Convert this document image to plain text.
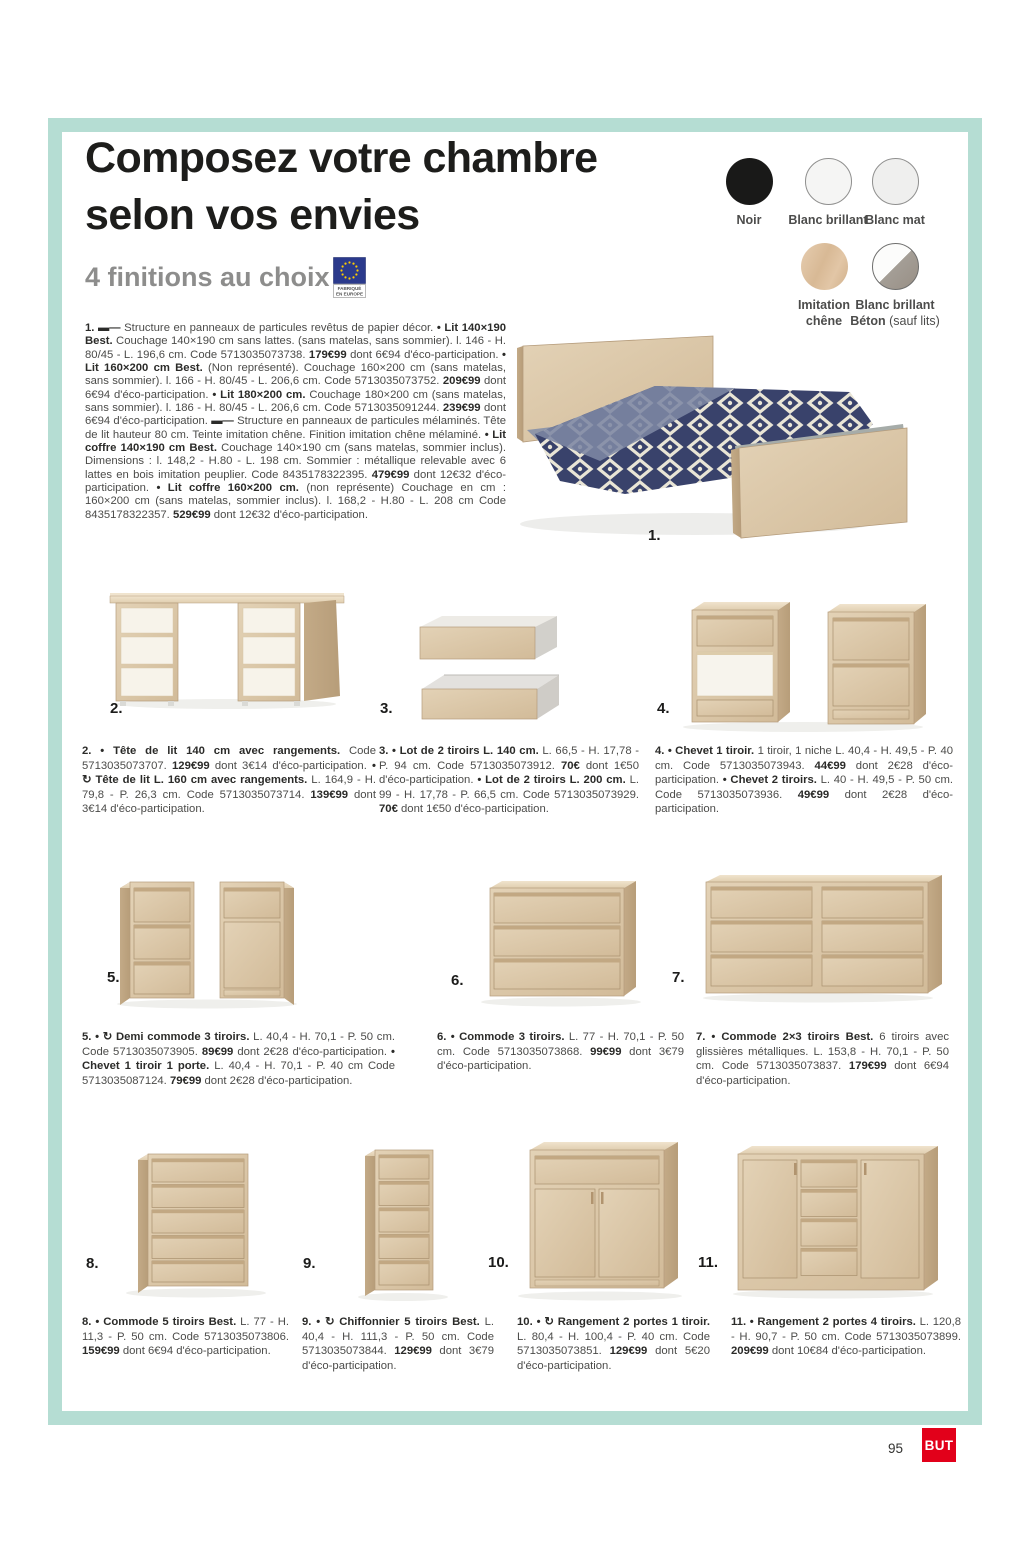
Composez votre chambre
selon vos envies
4 finitions au choix FABRIQUÉ
EN EUROPE
Noir	Blanc brillant
Blanc mat
Imitation
chêne
Blanc brillant
Béton (sauf lits)
1. ▬― Structure en panneaux de particules revêtus de papier décor. • Lit 140×190 Best. Couchage 140×190 cm sans lattes. (sans matelas, sans sommier). l. 146 - H. 80/45 - L. 196,6 cm. Code 5713035073738. 179€99 dont 6€94 d'éco-participation. • Lit 160×200 cm Best. (Non représenté). Couchage 160×200 cm (sans matelas, sans sommier). l. 166 - H. 80/45 - L. 206,6 cm. Code 5713035073752. 209€99 dont 6€94 d'éco-participation. • Lit 180×200 cm. Couchage 180×200 cm (sans matelas, sans sommier). l. 186 - H. 80/45 - L. 206,6 cm. Code 5713035091244. 239€99 dont 6€94 d'éco-participation. ▬― Structure en panneaux de particules mélaminés. Tête de lit hauteur 80 cm. Teinte imitation chêne. Finition imitation chêne mélaminé. • Lit coffre 140×190 cm Best. Couchage 140×190 cm (sans matelas, sommier inclus). Dimensions : l. 148,2 - H.80 - L. 198 cm. Sommier : métallique relevable avec 6 lattes en bois imitation peuplier. Code 8435178322395. 479€99 dont 12€32 d'éco-participation. • Lit coffre 160×200 cm. (non représente) Couchage en cm : 160×200 cm (sans matelas, sommier inclus). l. 168,2 - H.80 - L. 208 cm Code 8435178322357. 529€99 dont 12€32 d'éco-participation.
1.
2.	3.	4.
5.	6.	7.
8.	9.	10.	11.
2. • Tête de lit 140 cm avec rangements. Code 5713035073707. 129€99 dont 3€14 d'éco-participation. • ↻ Tête de lit L. 160 cm avec rangements. L. 164,9 - H. 79,8 - P. 26,3 cm. Code 5713035073714. 139€99 dont 3€14 d'éco-participation.
3. • Lot de 2 tiroirs L. 140 cm. L. 66,5 - H. 17,78 - P. 94 cm. Code 5713035073912. 70€ dont 1€50 d'éco-participation. • Lot de 2 tiroirs L. 200 cm. L. 99 - H. 17,78 - P. 66,5 cm. Code 5713035073929. 70€ dont 1€50 d'éco-participation.
4. • Chevet 1 tiroir. 1 tiroir, 1 niche L. 40,4 - H. 49,5 - P. 40 cm. Code 5713035073943. 44€99 dont 2€28 d'éco-participation. • Chevet 2 tiroirs. L. 40 - H. 49,5 - P. 50 cm. Code 5713035073936. 49€99 dont 2€28 d'éco-participation.
5. • ↻ Demi commode 3 tiroirs. L. 40,4 - H. 70,1 - P. 50 cm. Code 5713035073905. 89€99 dont 2€28 d'éco-participation. • Chevet 1 tiroir 1 porte. L. 40,4 - H. 70,1 - P. 40 cm Code 5713035087124. 79€99 dont 2€28 d'éco-participation.
6. • Commode 3 tiroirs. L. 77 - H. 70,1 - P. 50 cm. Code 5713035073868. 99€99 dont 3€79 d'éco-participation.
7. • Commode 2×3 tiroirs Best. 6 tiroirs avec glissières métalliques. L. 153,8 - H. 70,1 - P. 50 cm. Code 5713035073837. 179€99 dont 6€94 d'éco-participation.
8. • Commode 5 tiroirs Best. L. 77 - H. 11,3 - P. 50 cm. Code 5713035073806. 159€99 dont 6€94 d'éco-participation.
9. • ↻ Chiffonnier 5 tiroirs Best. L. 40,4 - H. 111,3 - P. 50 cm. Code 5713035073844. 129€99 dont 3€79 d'éco-participation.
10. • ↻ Rangement 2 portes 1 tiroir. L. 80,4 - H. 100,4 - P. 40 cm. Code 5713035073851. 129€99 dont 5€20 d'éco-participation.
11. • Rangement 2 portes 4 tiroirs. L. 120,8 - H. 90,7 - P. 50 cm. Code 5713035073899. 209€99 dont 10€84 d'éco-participation.
95 BUT
